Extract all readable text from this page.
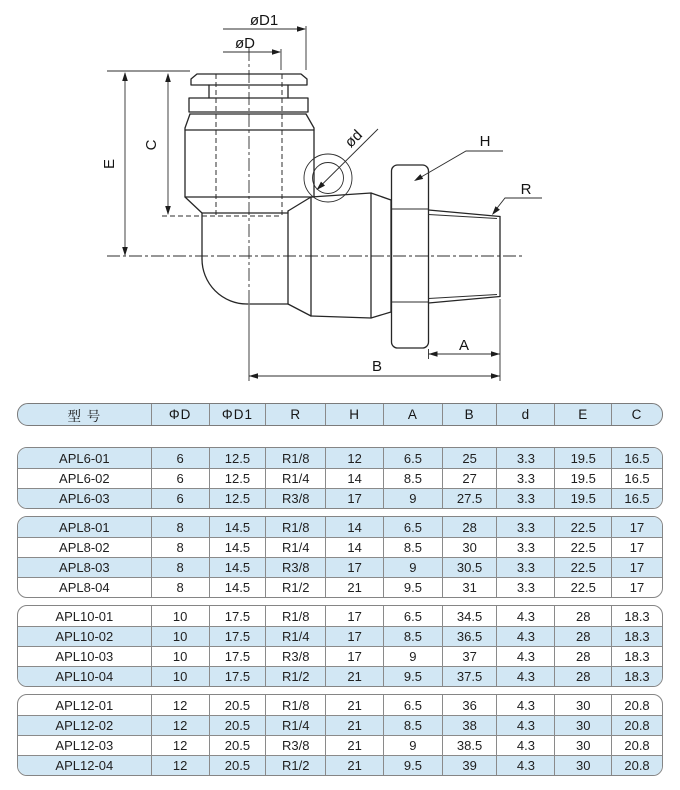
øD1
øD
E
C	ød	H
R
A
B
型 号	ΦD	ΦD1	R	H	A	B	d	E	C
APL6-01	6	12.5	R1/8	12	6.5	25	3.3	19.5	16.5
APL6-02	6	12.5	R1/4	14	8.5	27	3.3	19.5	16.5
APL6-03	6	12.5	R3/8	17	9	27.5	3.3	19.5	16.5
APL8-01	8	14.5	R1/8	14	6.5	28	3.3	22.5	17
APL8-02	8	14.5	R1/4	14	8.5	30	3.3	22.5	17
APL8-03	8	14.5	R3/8	17	9	30.5	3.3	22.5	17
APL8-04	8	14.5	R1/2	21	9.5	31	3.3	22.5	17
APL10-01	10	17.5	R1/8	17	6.5	34.5	4.3	28	18.3
APL10-02	10	17.5	R1/4	17	8.5	36.5	4.3	28	18.3
APL10-03	10	17.5	R3/8	17	9	37	4.3	28	18.3
APL10-04	10	17.5	R1/2	21	9.5	37.5	4.3	28	18.3
APL12-01	12	20.5	R1/8	21	6.5	36	4.3	30	20.8
APL12-02	12	20.5	R1/4	21	8.5	38	4.3	30	20.8
APL12-03	12	20.5	R3/8	21	9	38.5	4.3	30	20.8
APL12-04	12	20.5	R1/2	21	9.5	39	4.3	30	20.8
